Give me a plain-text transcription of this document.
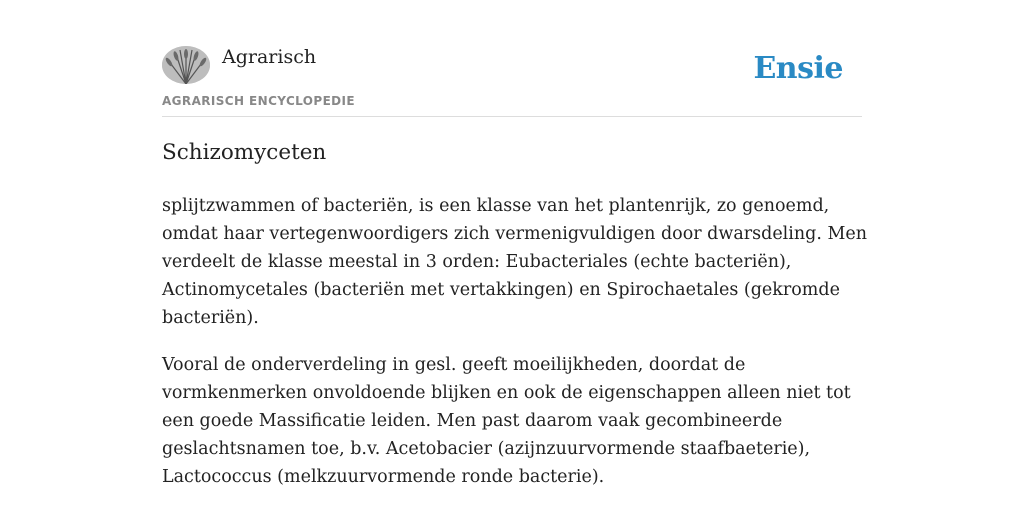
Agrarisch
AGRARISCH ENCYCLOPEDIE
Ensie
Schizomyceten

splijtzwammen of bacteriën, is een klasse van het plantenrijk, zo genoemd, omdat haar vertegenwoordigers zich vermenigvuldigen door dwarsdeling. Men verdeelt de klasse meestal in 3 orden: Eubacteriales (echte bacteriën), Actinomycetales (bacteriën met vertakkingen) en Spirochaetales (gekromde bacteriën).

Vooral de onderverdeling in gesl. geeft moeilijkheden, doordat de vormkenmerken onvoldoende blijken en ook de eigenschappen alleen niet tot een goede Massificatie leiden. Men past daarom vaak gecombineerde geslachtsnamen toe, b.v. Acetobacier (azijnzuurvormende staafbaeterie), Lactococcus (melkzuurvormende ronde bacterie).
